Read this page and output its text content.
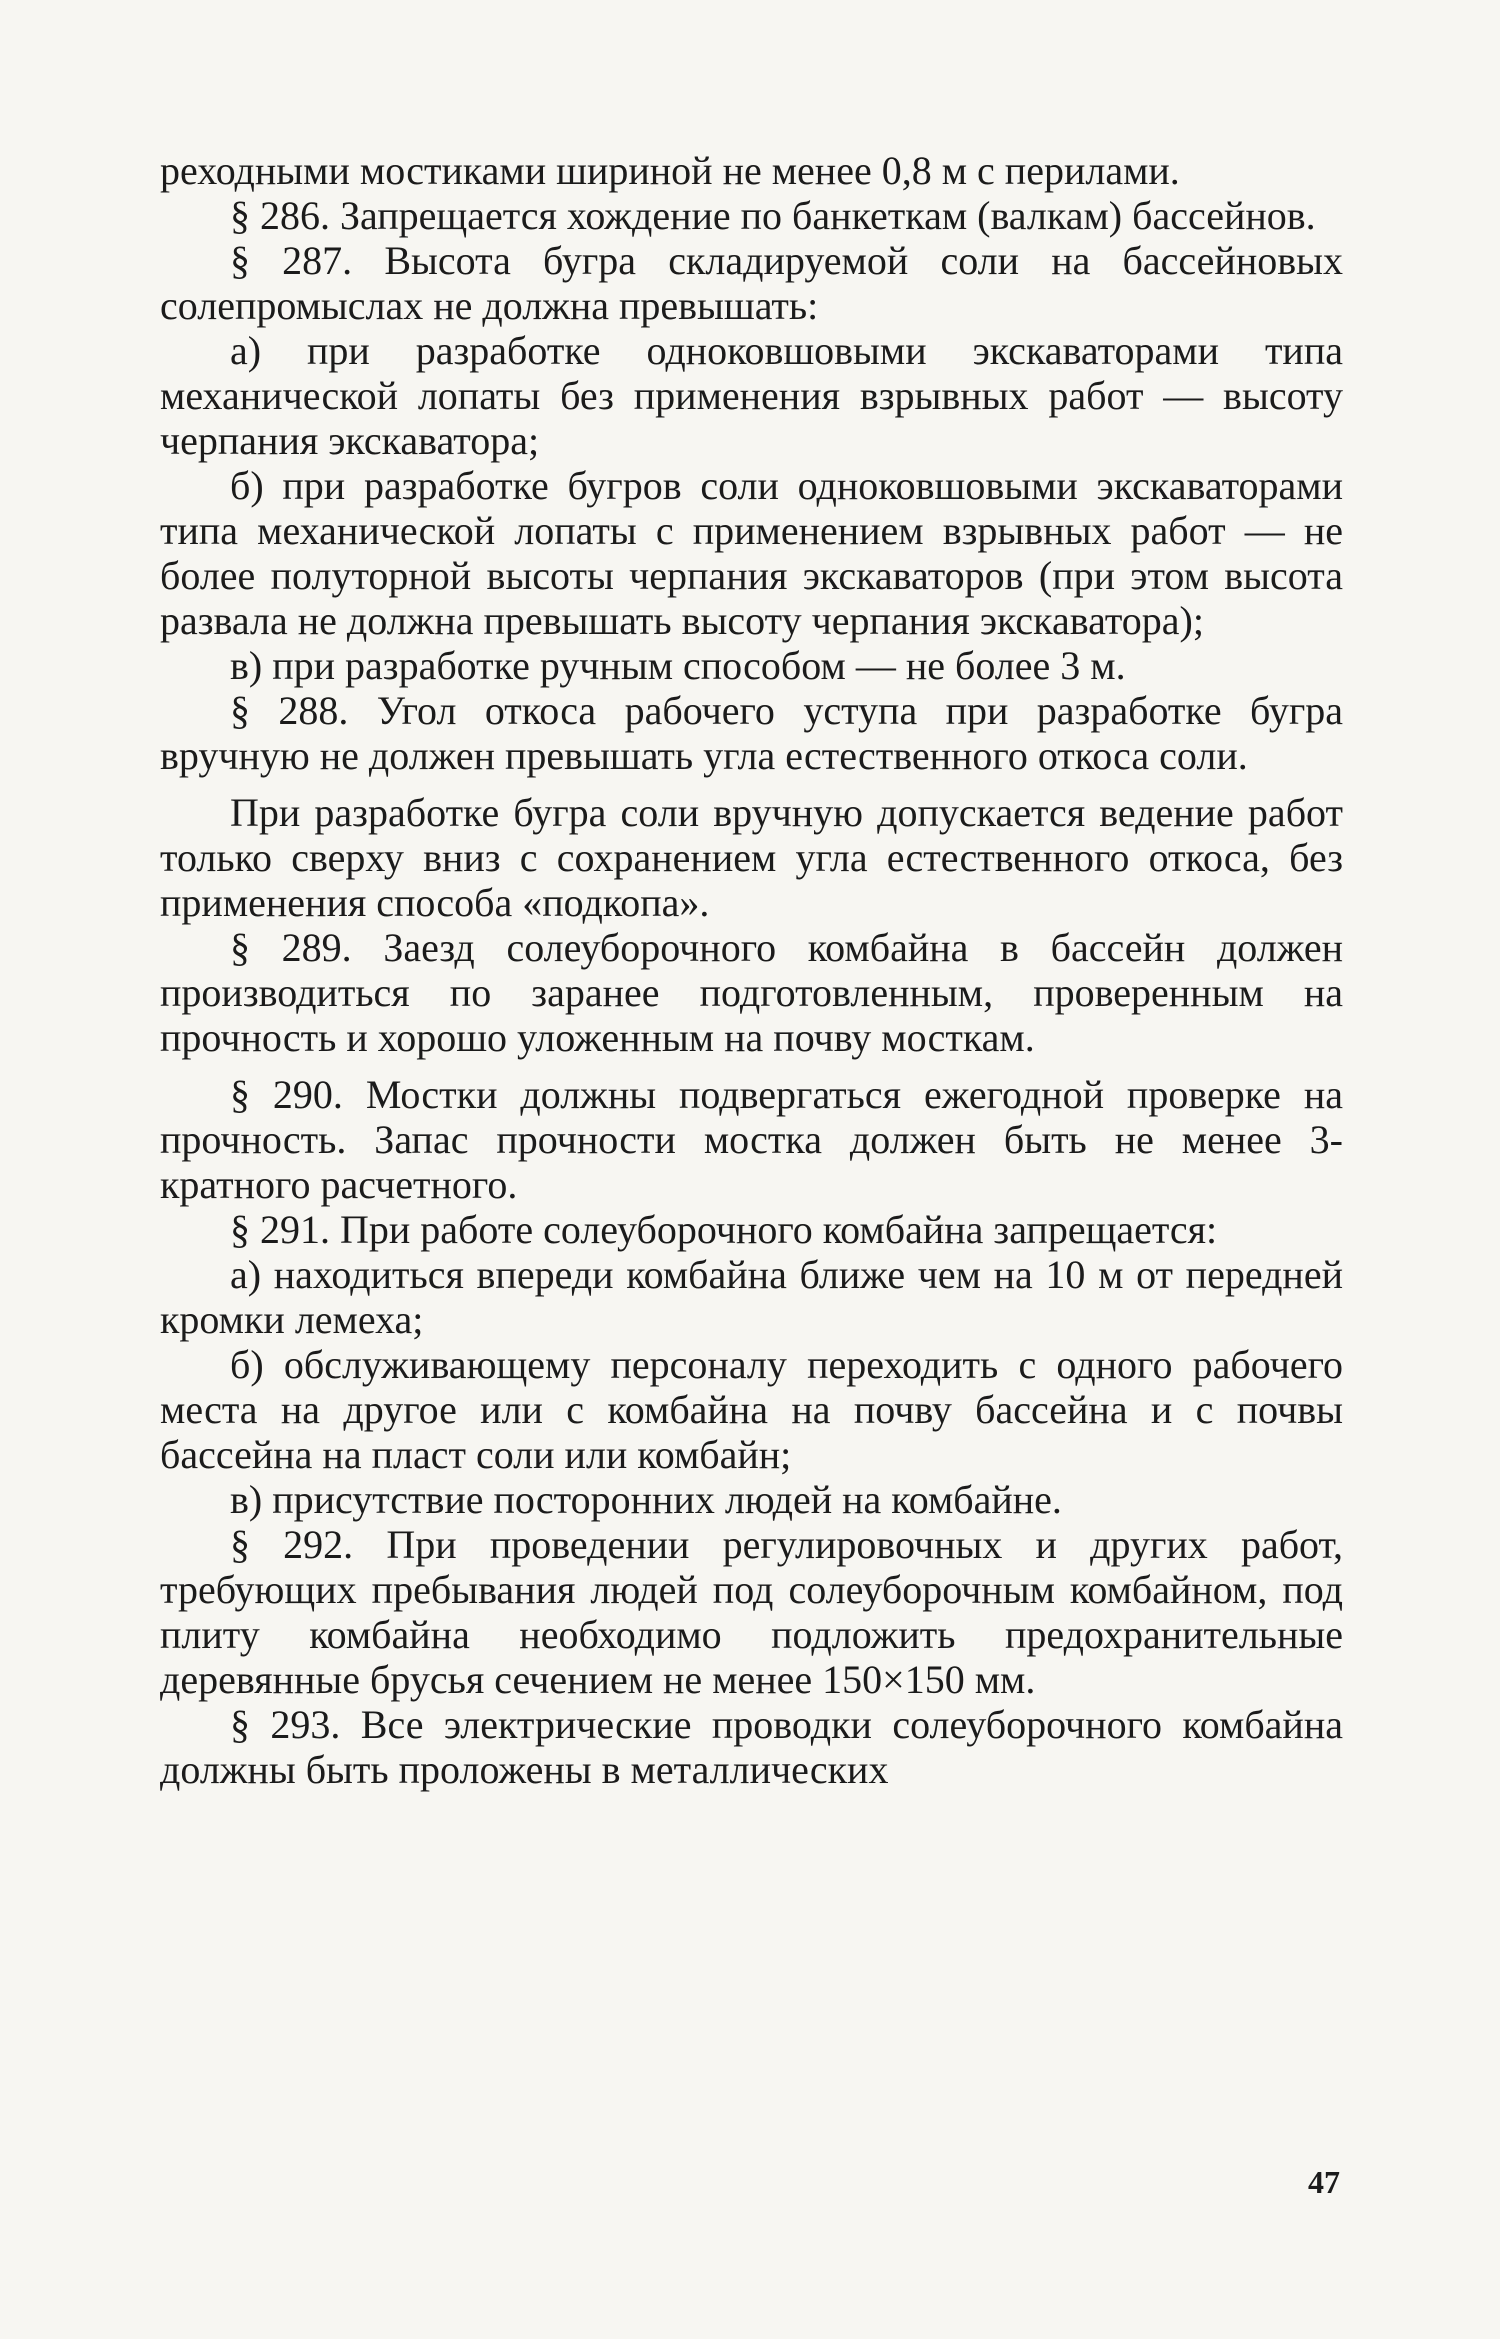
реходными мостиками шириной не менее 0,8 м с перилами.

§ 286. Запрещается хождение по банкеткам (валкам) бассейнов.

§ 287. Высота бугра складируемой соли на бассейновых солепромыслах не должна превышать:

а) при разработке одноковшовыми экскаваторами типа механической лопаты без применения взрывных работ — высоту черпания экскаватора;

б) при разработке бугров соли одноковшовыми экскаваторами типа механической лопаты с применением взрывных работ — не более полуторной высоты черпания экскаваторов (при этом высота развала не должна превышать высоту черпания экскаватора);

в) при разработке ручным способом — не более 3 м.

§ 288. Угол откоса рабочего уступа при разработке бугра вручную не должен превышать угла естественного откоса соли.

При разработке бугра соли вручную допускается ведение работ только сверху вниз с сохранением угла естественного откоса, без применения способа «подкопа».

§ 289. Заезд солеуборочного комбайна в бассейн должен производиться по заранее подготовленным, проверенным на прочность и хорошо уложенным на почву мосткам.

§ 290. Мостки должны подвергаться ежегодной проверке на прочность. Запас прочности мостка должен быть не менее 3-кратного расчетного.

§ 291. При работе солеуборочного комбайна запрещается:

а) находиться впереди комбайна ближе чем на 10 м от передней кромки лемеха;

б) обслуживающему персоналу переходить с одного рабочего места на другое или с комбайна на почву бассейна и с почвы бассейна на пласт соли или комбайн;

в) присутствие посторонних людей на комбайне.

§ 292. При проведении регулировочных и других работ, требующих пребывания людей под солеуборочным комбайном, под плиту комбайна необходимо подложить предохранительные деревянные брусья сечением не менее 150×150 мм.

§ 293. Все электрические проводки солеуборочного комбайна должны быть проложены в металлических

47
